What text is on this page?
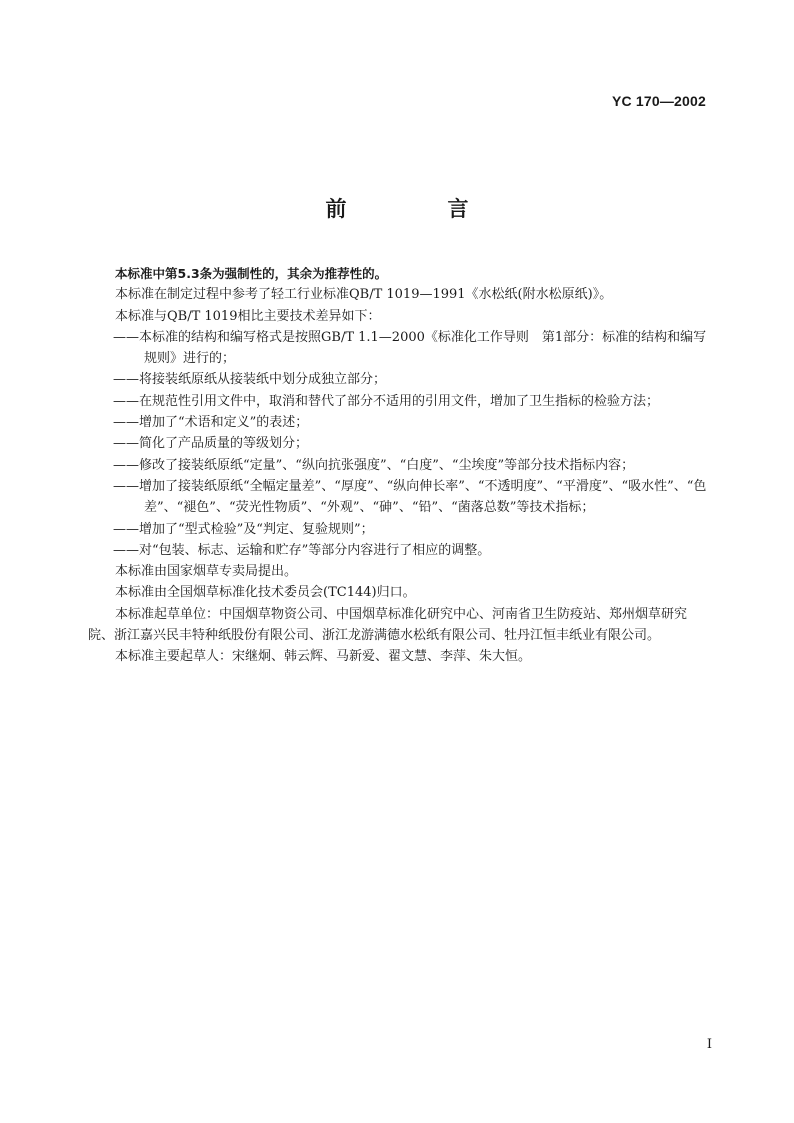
YC 170—2002
前　言

本标准中第5.3条为强制性的，其余为推荐性的。

本标准在制定过程中参考了轻工行业标准QB/T 1019—1991《水松纸(附水松原纸)》。

本标准与QB/T 1019相比主要技术差异如下：

——本标准的结构和编写格式是按照GB/T 1.1—2000《标准化工作导则　第1部分：标准的结构和编写规则》进行的；

——将接装纸原纸从接装纸中划分成独立部分；

——在规范性引用文件中，取消和替代了部分不适用的引用文件，增加了卫生指标的检验方法；

——增加了“术语和定义”的表述；

——简化了产品质量的等级划分；

——修改了接装纸原纸“定量”、“纵向抗张强度”、“白度”、“尘埃度”等部分技术指标内容；

——增加了接装纸原纸“全幅定量差”、“厚度”、“纵向伸长率”、“不透明度”、“平滑度”、“吸水性”、“色差”、“褪色”、“荧光性物质”、“外观”、“砷”、“铅”、“菌落总数”等技术指标；

——增加了“型式检验”及“判定、复验规则”；

——对“包装、标志、运输和贮存”等部分内容进行了相应的调整。

本标准由国家烟草专卖局提出。

本标准由全国烟草标准化技术委员会(TC144)归口。

本标准起草单位：中国烟草物资公司、中国烟草标准化研究中心、河南省卫生防疫站、郑州烟草研究院、浙江嘉兴民丰特种纸股份有限公司、浙江龙游满德水松纸有限公司、牡丹江恒丰纸业有限公司。

本标准主要起草人：宋继炯、韩云辉、马新爱、翟文慧、李萍、朱大恒。

I
